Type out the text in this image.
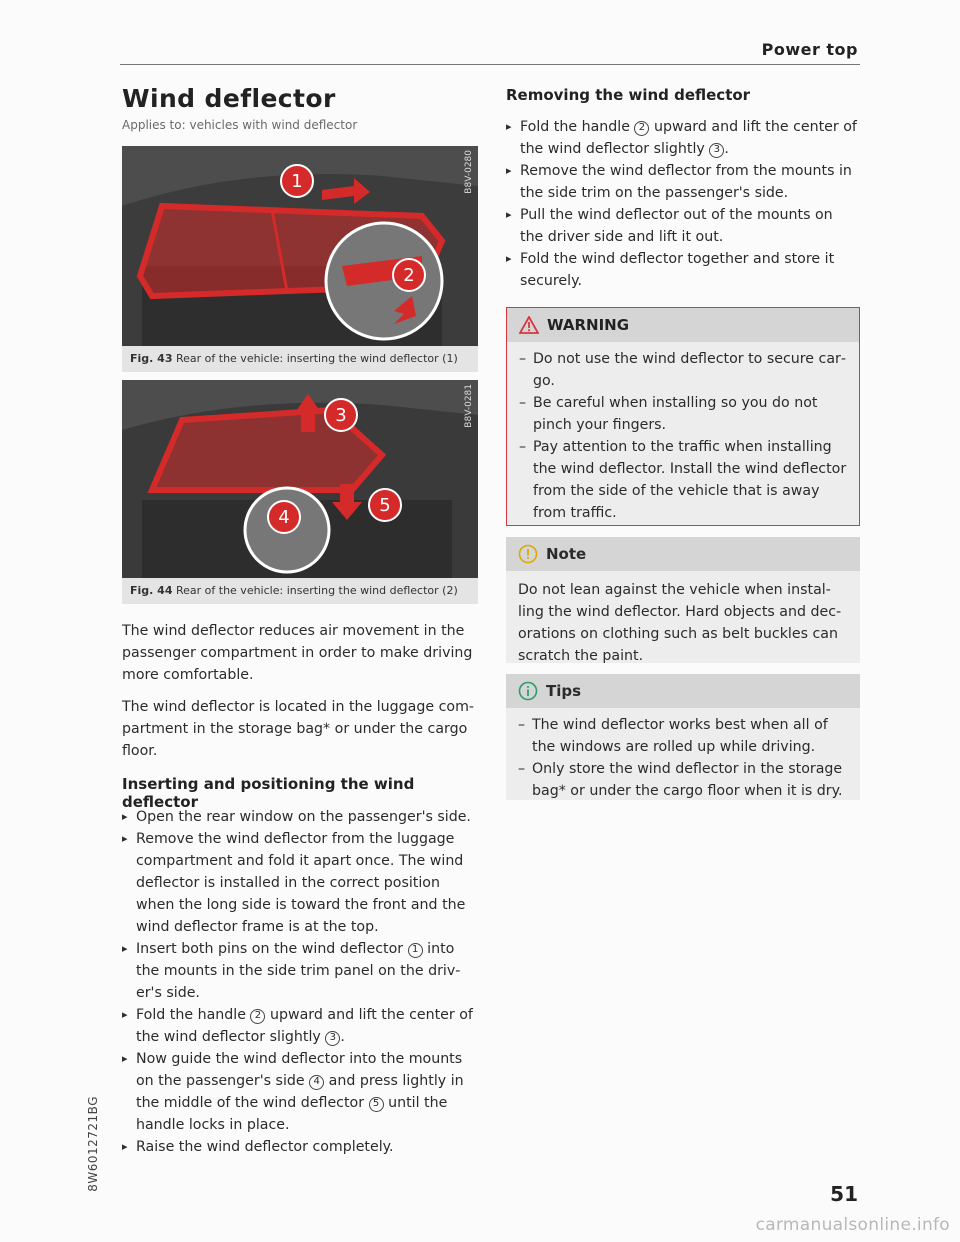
Power top
Wind deflector
Applies to: vehicles with wind deflector
1
2
B8V-0280
Fig. 43 Rear of the vehicle: inserting the wind deflector (1)
3
4
5
B8V-0281
Fig. 44 Rear of the vehicle: inserting the wind deflector (2)

The wind deflector reduces air movement in the passenger compartment in order to make driving more comfortable.

The wind deflector is located in the luggage compartment in the storage bag* or under the cargo floor.

Inserting and positioning the wind deflector
▸ Open the rear window on the passenger's side.
▸ Remove the wind deflector from the luggage compartment and fold it apart once. The wind deflector is installed in the correct position when the long side is toward the front and the wind deflector frame is at the top.
▸ Insert both pins on the wind deflector 1 into the mounts in the side trim panel on the driver's side.
▸ Fold the handle 2 upward and lift the center of the wind deflector slightly 3 .
▸ Now guide the wind deflector into the mounts on the passenger's side 4 and press lightly in the middle of the wind deflector 5 until the handle locks in place.
▸ Raise the wind deflector completely.
Removing the wind deflector
▸ Fold the handle 2 upward and lift the center of the wind deflector slightly 3 .
▸ Remove the wind deflector from the mounts in the side trim on the passenger's side.
▸ Pull the wind deflector out of the mounts on the driver side and lift it out.
▸ Fold the wind deflector together and store it securely.
WARNING
– Do not use the wind deflector to secure cargo.
– Be careful when installing so you do not pinch your fingers.
– Pay attention to the traffic when installing the wind deflector. Install the wind deflector from the side of the vehicle that is away from traffic.
Note
Do not lean against the vehicle when installing the wind deflector. Hard objects and decorations on clothing such as belt buckles can scratch the paint.
Tips
– The wind deflector works best when all of the windows are rolled up while driving.
– Only store the wind deflector in the storage bag* or under the cargo floor when it is dry.
8W6012721BG
51
carmanualsonline.info
